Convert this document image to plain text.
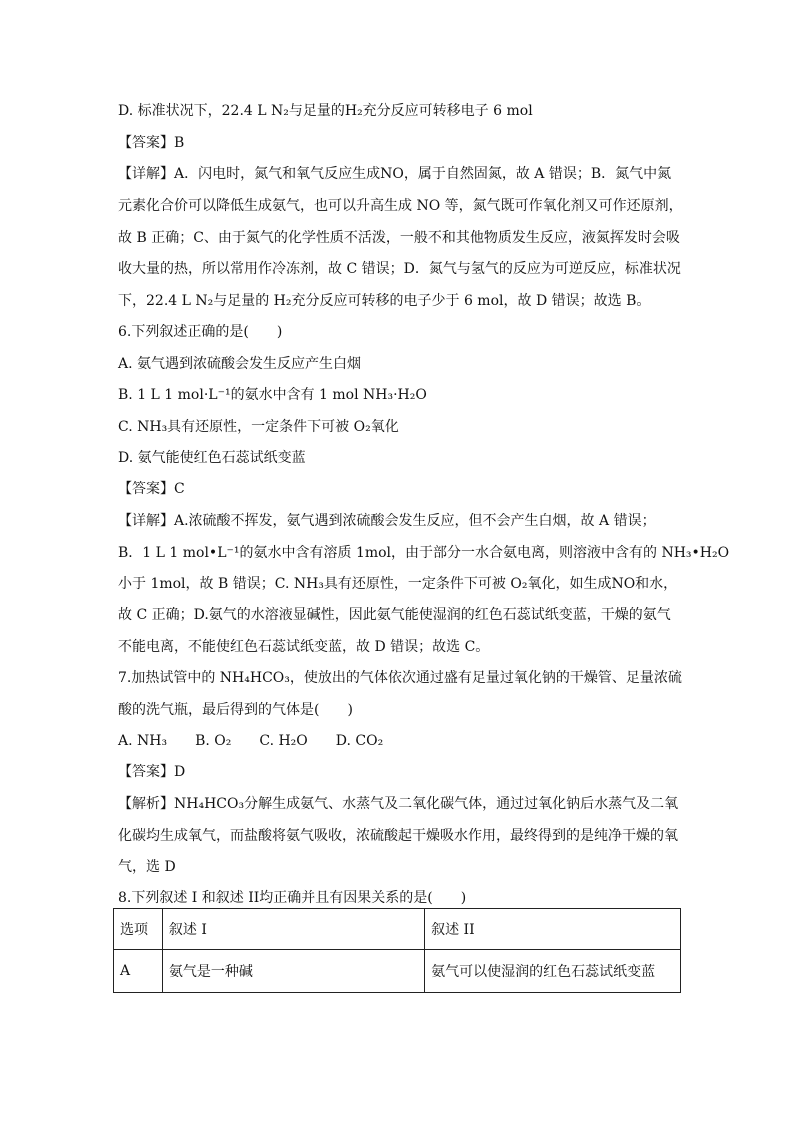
D. 标准状况下，22.4 L N₂与足量的H₂充分反应可转移电子 6 mol
【答案】B
【详解】A．闪电时，氮气和氧气反应生成NO，属于自然固氮，故 A 错误；B．氮气中氮
元素化合价可以降低生成氨气，也可以升高生成 NO 等，氮气既可作氧化剂又可作还原剂，
故 B 正确；C、由于氮气的化学性质不活泼，一般不和其他物质发生反应，液氮挥发时会吸
收大量的热，所以常用作冷冻剂，故 C 错误；D．氮气与氢气的反应为可逆反应，标准状况
下，22.4 L N₂与足量的 H₂充分反应可转移的电子少于 6 mol，故 D 错误；故选 B。
6.下列叙述正确的是(　　)
A. 氨气遇到浓硫酸会发生反应产生白烟
B. 1 L 1 mol·L⁻¹的氨水中含有 1 mol NH₃·H₂O
C. NH₃具有还原性，一定条件下可被 O₂氧化
D. 氨气能使红色石蕊试纸变蓝
【答案】C
【详解】A.浓硫酸不挥发，氨气遇到浓硫酸会发生反应，但不会产生白烟，故 A 错误；
B．1 L 1 mol•L⁻¹的氨水中含有溶质 1mol，由于部分一水合氨电离，则溶液中含有的 NH₃•H₂O
小于 1mol，故 B 错误；C. NH₃具有还原性，一定条件下可被 O₂氧化，如生成NO和水，
故 C 正确；D.氨气的水溶液显碱性，因此氨气能使湿润的红色石蕊试纸变蓝，干燥的氨气
不能电离，不能使红色石蕊试纸变蓝，故 D 错误；故选 C。
7.加热试管中的 NH₄HCO₃，使放出的气体依次通过盛有足量过氧化钠的干燥管、足量浓硫
酸的洗气瓶，最后得到的气体是(　　)
A. NH₃　　B. O₂　　C. H₂O　　D. CO₂
【答案】D
【解析】NH₄HCO₃分解生成氨气、水蒸气及二氧化碳气体，通过过氧化钠后水蒸气及二氧
化碳均生成氧气，而盐酸将氨气吸收，浓硫酸起干燥吸水作用，最终得到的是纯净干燥的氧
气，选 D
8.下列叙述 I 和叙述 II均正确并且有因果关系的是(　　)
选项	叙述 I	叙述 II
A	氨气是一种碱	氨气可以使湿润的红色石蕊试纸变蓝
